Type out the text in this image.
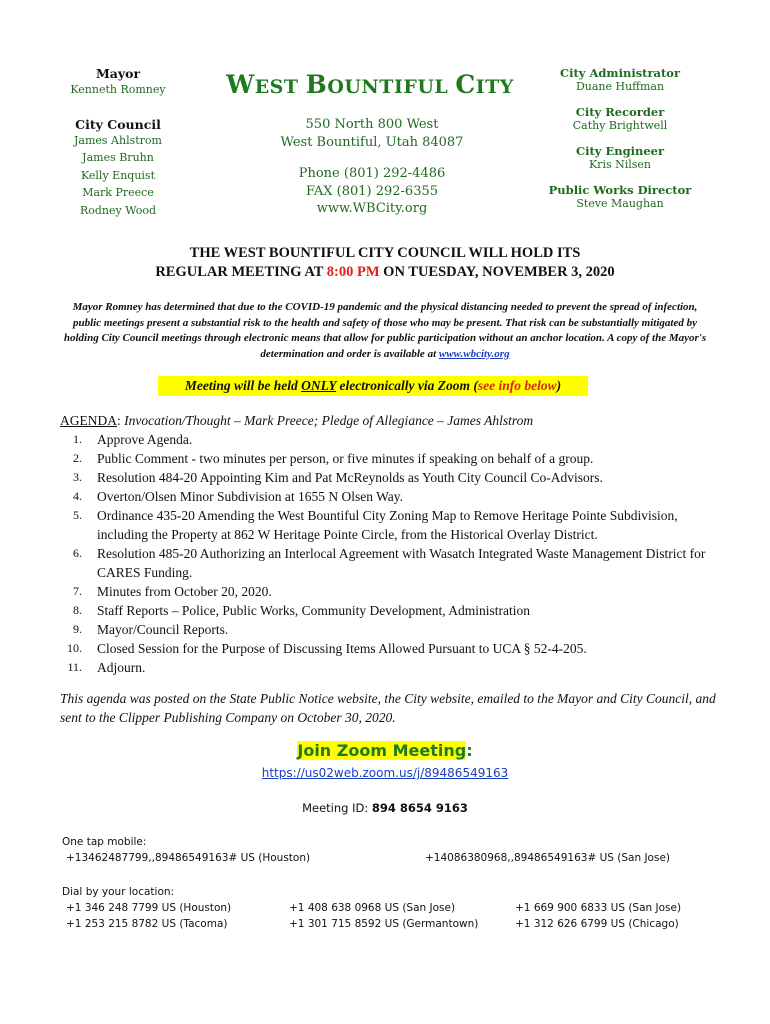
Mayor
Kenneth Romney
City Council
James Ahlstrom
James Bruhn
Kelly Enquist
Mark Preece
Rodney Wood
WEST BOUNTIFUL CITY
550 North 800 West
West Bountiful, Utah 84087
Phone (801) 292-4486
FAX (801) 292-6355
www.WBCity.org
City Administrator
Duane Huffman
City Recorder
Cathy Brightwell
City Engineer
Kris Nilsen
Public Works Director
Steve Maughan
THE WEST BOUNTIFUL CITY COUNCIL WILL HOLD ITS
REGULAR MEETING AT 8:00 PM ON TUESDAY, NOVEMBER 3, 2020
Mayor Romney has determined that due to the COVID-19 pandemic and the physical distancing needed to prevent the spread of infection, public meetings present a substantial risk to the health and safety of those who may be present. That risk can be substantially mitigated by holding City Council meetings through electronic means that allow for public participation without an anchor location. A copy of the Mayor's determination and order is available at www.wbcity.org
Meeting will be held ONLY electronically via Zoom (see info below)
AGENDA: Invocation/Thought – Mark Preece; Pledge of Allegiance – James Ahlstrom
1. Approve Agenda.
2. Public Comment - two minutes per person, or five minutes if speaking on behalf of a group.
3. Resolution 484-20 Appointing Kim and Pat McReynolds as Youth City Council Co-Advisors.
4. Overton/Olsen Minor Subdivision at 1655 N Olsen Way.
5. Ordinance 435-20 Amending the West Bountiful City Zoning Map to Remove Heritage Pointe Subdivision, including the Property at 862 W Heritage Pointe Circle, from the Historical Overlay District.
6. Resolution 485-20 Authorizing an Interlocal Agreement with Wasatch Integrated Waste Management District for CARES Funding.
7. Minutes from October 20, 2020.
8. Staff Reports – Police, Public Works, Community Development, Administration
9. Mayor/Council Reports.
10. Closed Session for the Purpose of Discussing Items Allowed Pursuant to UCA § 52-4-205.
11. Adjourn.
This agenda was posted on the State Public Notice website, the City website, emailed to the Mayor and City Council, and sent to the Clipper Publishing Company on October 30, 2020.
Join Zoom Meeting:
https://us02web.zoom.us/j/89486549163
Meeting ID: 894 8654 9163
One tap mobile:
+13462487799,,89486549163# US (Houston)	+14086380968,,89486549163# US (San Jose)
Dial by your location:
+1 346 248 7799 US (Houston)	+1 408 638 0968 US (San Jose)	+1 669 900 6833 US (San Jose)
+1 253 215 8782 US (Tacoma)	+1 301 715 8592 US (Germantown)	+1 312 626 6799 US (Chicago)
